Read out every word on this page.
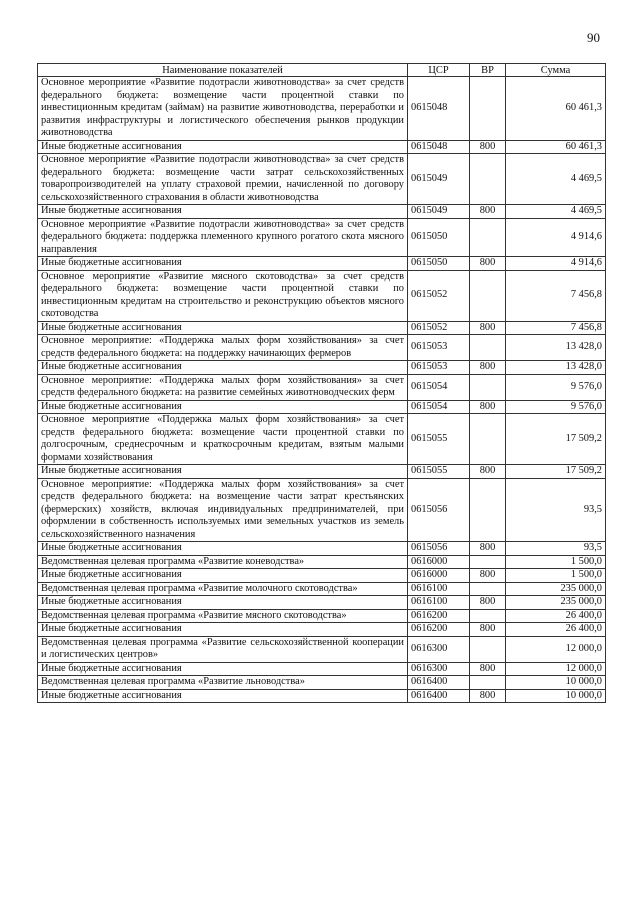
90
Наименование показателей	ЦСР	ВР	Сумма
Основное мероприятие «Развитие подотрасли животноводства» за счет средств федерального бюджета: возмещение части процентной ставки по инвестиционным кредитам (займам) на развитие животноводства, переработки и развития инфраструктуры и логистического обеспечения рынков продукции животноводства	0615048		60 461,3
Иные бюджетные ассигнования	0615048	800	60 461,3
Основное мероприятие «Развитие подотрасли животноводства» за счет средств федерального бюджета: возмещение части затрат сельскохозяйственных товаропроизводителей на уплату страховой премии, начисленной по договору сельскохозяйственного страхования в области животноводства	0615049		4 469,5
Иные бюджетные ассигнования	0615049	800	4 469,5
Основное мероприятие «Развитие подотрасли животноводства» за счет средств федерального бюджета: поддержка племенного крупного рогатого скота мясного направления	0615050		4 914,6
Иные бюджетные ассигнования	0615050	800	4 914,6
Основное мероприятие «Развитие мясного скотоводства» за счет средств федерального бюджета: возмещение части процентной ставки по инвестиционным кредитам на строительство и реконструкцию объектов мясного скотоводства	0615052		7 456,8
Иные бюджетные ассигнования	0615052	800	7 456,8
Основное мероприятие: «Поддержка малых форм хозяйствования» за счет средств федерального бюджета: на поддержку начинающих фермеров	0615053		13 428,0
Иные бюджетные ассигнования	0615053	800	13 428,0
Основное мероприятие: «Поддержка малых форм хозяйствования» за счет средств федерального бюджета: на развитие семейных животноводческих ферм	0615054		9 576,0
Иные бюджетные ассигнования	0615054	800	9 576,0
Основное мероприятие «Поддержка малых форм хозяйствования» за счет средств федерального бюджета: возмещение части процентной ставки по долгосрочным, среднесрочным и краткосрочным кредитам, взятым малыми формами хозяйствования	0615055		17 509,2
Иные бюджетные ассигнования	0615055	800	17 509,2
Основное мероприятие: «Поддержка малых форм хозяйствования» за счет средств федерального бюджета: на возмещение части затрат крестьянских (фермерских) хозяйств, включая индивидуальных предпринимателей, при оформлении в собственность используемых ими земельных участков из земель сельскохозяйственного назначения	0615056		93,5
Иные бюджетные ассигнования	0615056	800	93,5
Ведомственная целевая программа «Развитие коневодства»	0616000		1 500,0
Иные бюджетные ассигнования	0616000	800	1 500,0
Ведомственная целевая программа «Развитие молочного скотоводства»	0616100		235 000,0
Иные бюджетные ассигнования	0616100	800	235 000,0
Ведомственная целевая программа «Развитие мясного скотоводства»	0616200		26 400,0
Иные бюджетные ассигнования	0616200	800	26 400,0
Ведомственная целевая программа «Развитие сельскохозяйственной кооперации и логистических центров»	0616300		12 000,0
Иные бюджетные ассигнования	0616300	800	12 000,0
Ведомственная целевая программа «Развитие льноводства»	0616400		10 000,0
Иные бюджетные ассигнования	0616400	800	10 000,0
